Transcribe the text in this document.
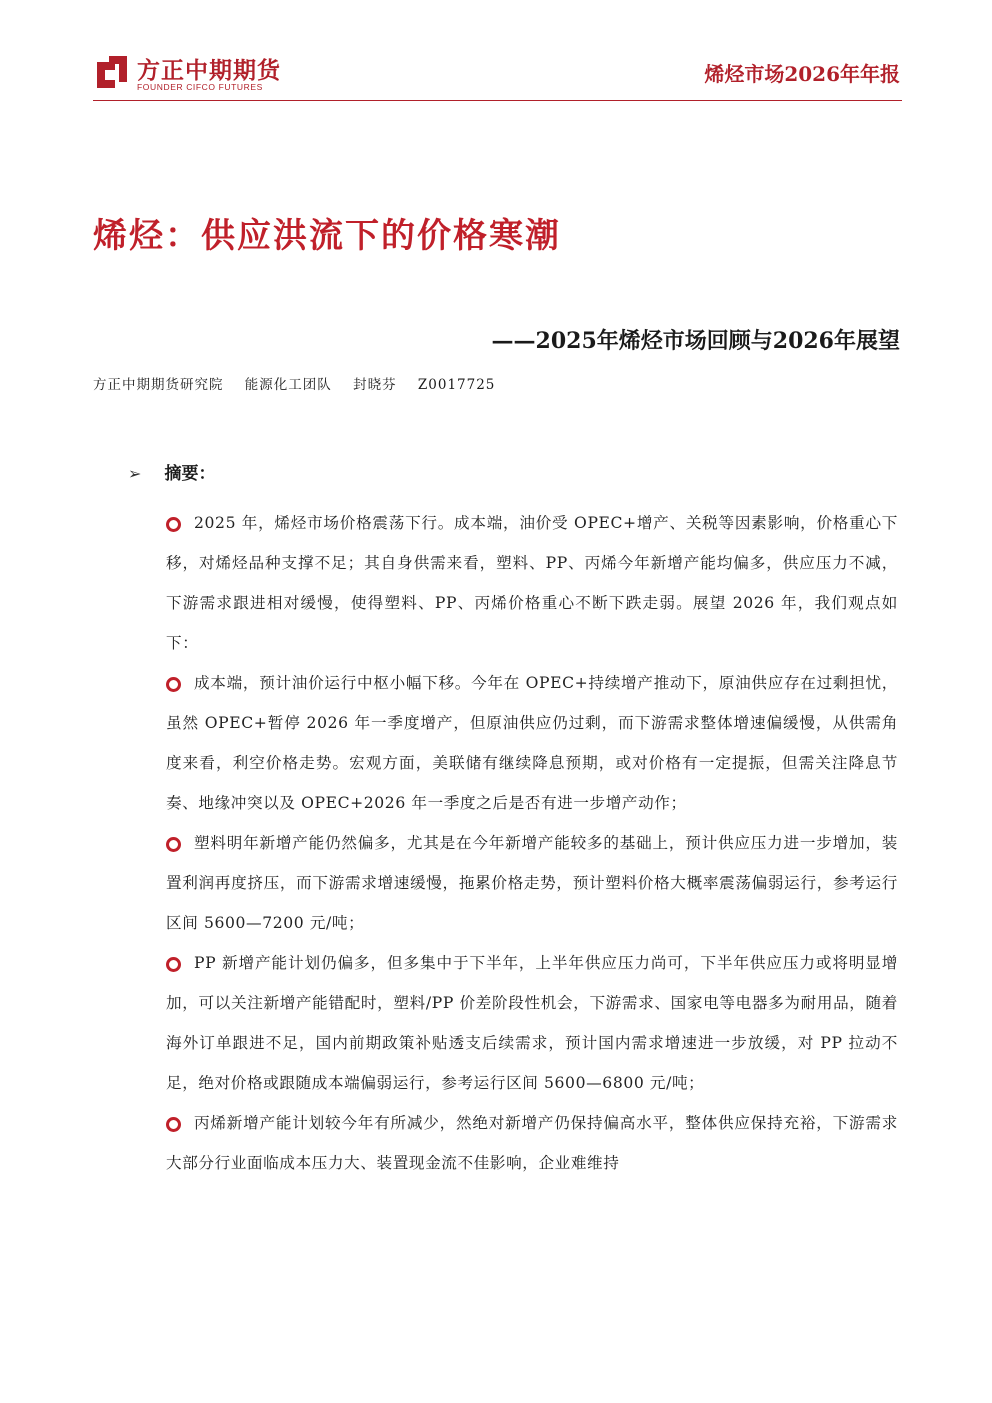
方正中期期货
FOUNDER CIFCO FUTURES
烯烃市场2026年年报
烯烃：供应洪流下的价格寒潮
——2025年烯烃市场回顾与2026年展望
方正中期期货研究院 能源化工团队 封晓芬 Z0017725
➢ 摘要：
2025 年，烯烃市场价格震荡下行。成本端，油价受 OPEC+增产、关税等因素影响，价格重心下移，对烯烃品种支撑不足；其自身供需来看，塑料、PP、丙烯今年新增产能均偏多，供应压力不减，下游需求跟进相对缓慢，使得塑料、PP、丙烯价格重心不断下跌走弱。展望 2026 年，我们观点如下：
成本端，预计油价运行中枢小幅下移。今年在 OPEC+持续增产推动下，原油供应存在过剩担忧，虽然 OPEC+暂停 2026 年一季度增产，但原油供应仍过剩，而下游需求整体增速偏缓慢，从供需角度来看，利空价格走势。宏观方面，美联储有继续降息预期，或对价格有一定提振，但需关注降息节奏、地缘冲突以及 OPEC+2026 年一季度之后是否有进一步增产动作；
塑料明年新增产能仍然偏多，尤其是在今年新增产能较多的基础上，预计供应压力进一步增加，装置利润再度挤压，而下游需求增速缓慢，拖累价格走势，预计塑料价格大概率震荡偏弱运行，参考运行区间 5600—7200 元/吨；
PP 新增产能计划仍偏多，但多集中于下半年，上半年供应压力尚可，下半年供应压力或将明显增加，可以关注新增产能错配时，塑料/PP 价差阶段性机会，下游需求、国家电等电器多为耐用品，随着海外订单跟进不足，国内前期政策补贴透支后续需求，预计国内需求增速进一步放缓，对 PP 拉动不足，绝对价格或跟随成本端偏弱运行，参考运行区间 5600—6800 元/吨；
丙烯新增产能计划较今年有所减少，然绝对新增产仍保持偏高水平，整体供应保持充裕，下游需求大部分行业面临成本压力大、装置现金流不佳影响，企业难维持
